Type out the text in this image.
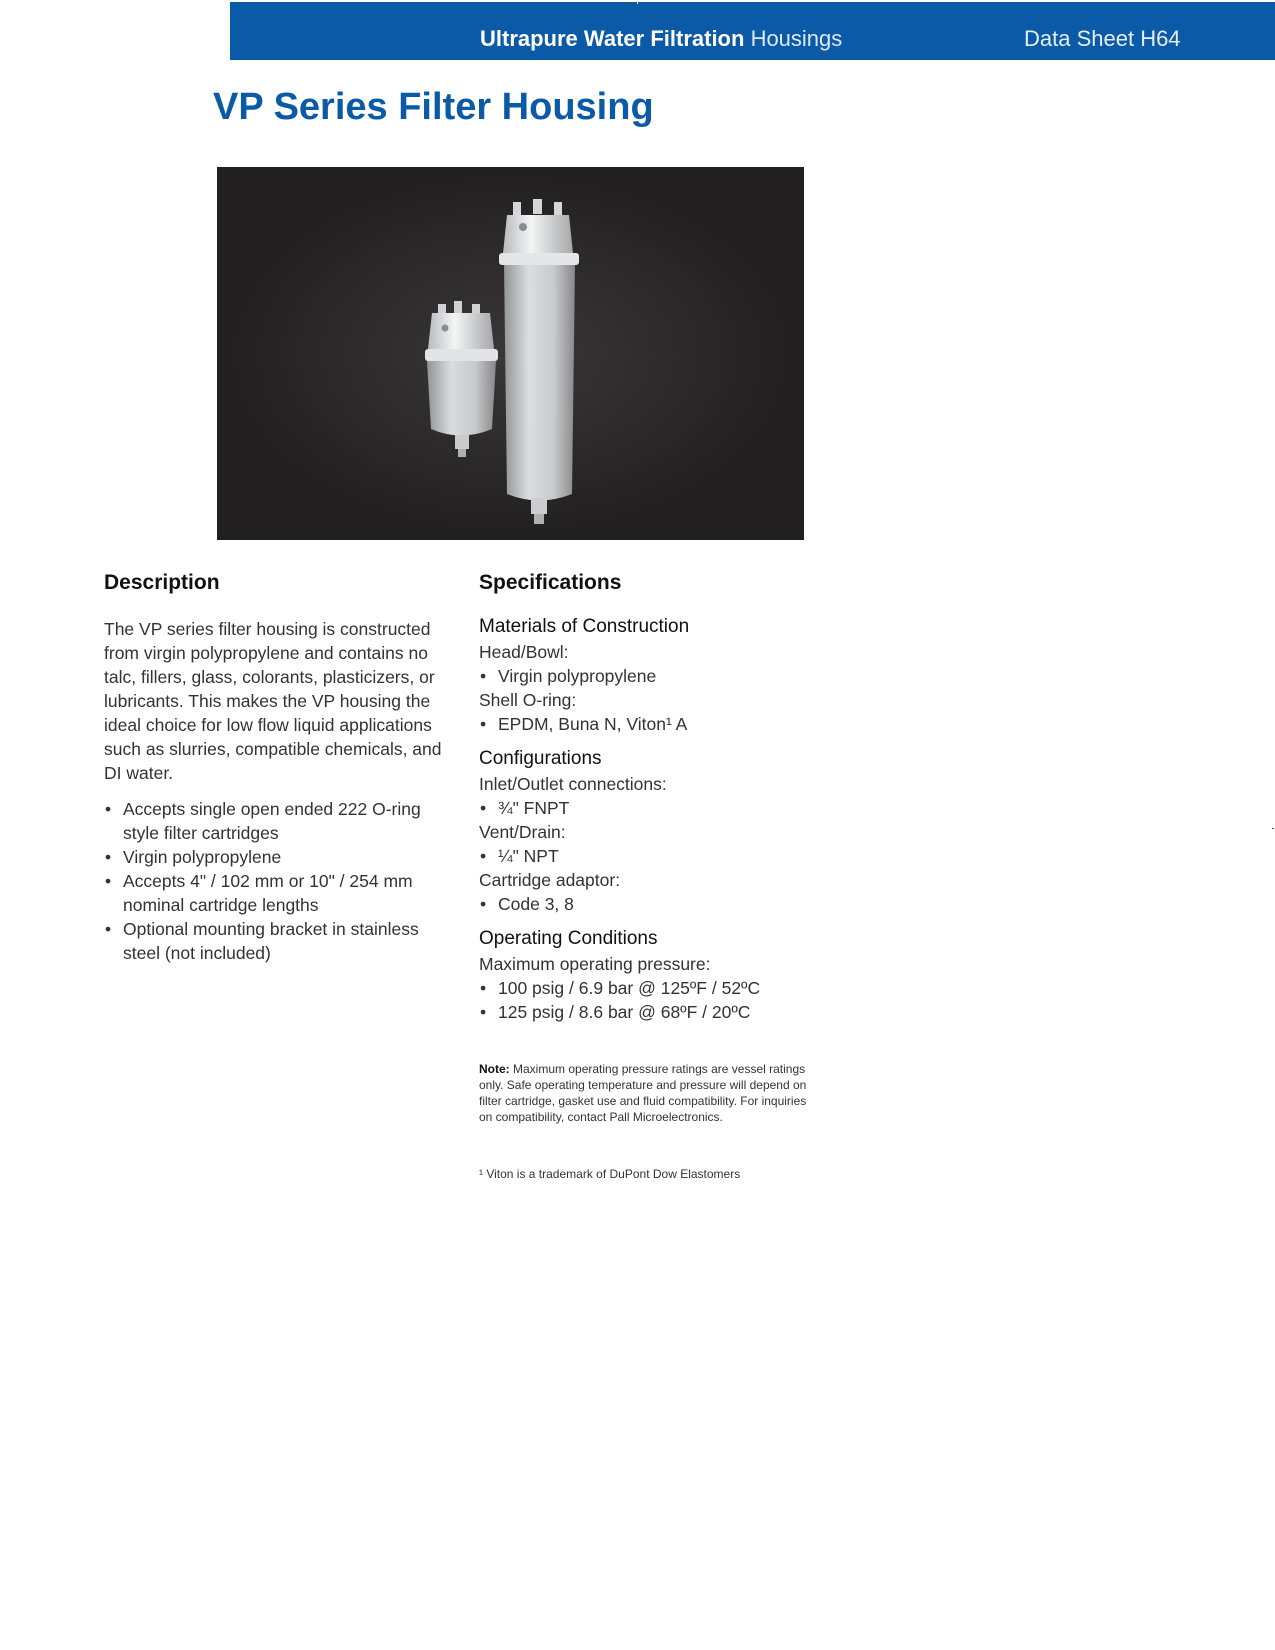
Ultrapure Water Filtration Housings	Data Sheet H64
VP Series Filter Housing
Description

The VP series filter housing is constructed from virgin polypropylene and contains no talc, fillers, glass, colorants, plasticizers, or lubricants. This makes the VP housing the ideal choice for low flow liquid applications such as slurries, compatible chemicals, and DI water.

• Accepts single open ended 222 O-ring style filter cartridges
• Virgin polypropylene
• Accepts 4" / 102 mm or 10" / 254 mm nominal cartridge lengths
• Optional mounting bracket in stainless steel (not included)
Specifications
Materials of Construction
Head/Bowl:
• Virgin polypropylene
Shell O-ring:
• EPDM, Buna N, Viton¹ A
Configurations
Inlet/Outlet connections:
• ¾" FNPT
Vent/Drain:
• ¼" NPT
Cartridge adaptor:
• Code 3, 8
Operating Conditions
Maximum operating pressure:
• 100 psig / 6.9 bar @ 125ºF / 52ºC
• 125 psig / 8.6 bar @ 68ºF / 20ºC
Note: Maximum operating pressure ratings are vessel ratings only. Safe operating temperature and pressure will depend on filter cartridge, gasket use and fluid compatibility. For inquiries on compatibility, contact Pall Microelectronics.
¹ Viton is a trademark of DuPont Dow Elastomers
